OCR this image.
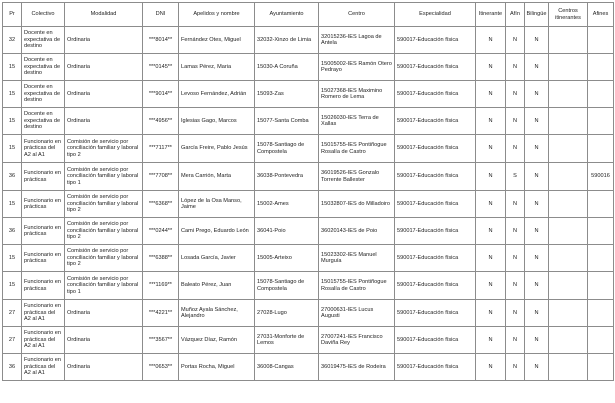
Pr	Colectivo	Modalidad	DNI	Apelidos y nombre	Ayuntamiento	Centro	Especialidad	Itinerante	Afín	Bilingüe	Centros itinerantes	Afines
32	Docente en expectativa de destino	Ordinaria	***8014**	Fernández Otes, Miguel	32032-Xinzo de Limia	32015236-IES Lagoa de Antela	590017-Educación física	N	N	N		
15	Docente en expectativa de destino	Ordinaria	***0145**	Lamas Pérez, Maria	15030-A Coruña	15005002-IES Ramón Otero Pedrayo	590017-Educación física	N	N	N		
15	Docente en expectativa de destino	Ordinaria	***9014**	Levoso Fernández, Adrián	15093-Zas	15027368-IES Maximino Romero de Lema	590017-Educación física	N	N	N		
15	Docente en expectativa de destino	Ordinaria	***4956**	Iglesias Gago, Marcos	15077-Santa Comba	15026030-IES Terra de Xallas	590017-Educación física	N	N	N		
15	Funcionario en prácticas del A2 al A1	Comisión de servicio por conciliación familiar y laboral tipo 2	***7117**	García Freire, Pablo Jesús	15078-Santiago de Compostela	15015755-IES Pontiñogue Rosalía de Castro	590017-Educación física	N	N	N		
36	Funcionario en prácticas	Comisión de servicio por conciliación familiar y laboral tipo 1	***7708**	Mera Carrión, Marta	36038-Pontevedra	36019526-IES Gonzalo Torrente Ballester	590017-Educación física	N	S	N		590016
15	Funcionario en prácticas	Comisión de servicio por conciliación familiar y laboral tipo 2	***6368**	López de la Osa Manso, Jaime	15002-Ames	15032807-IES do Milladoiro	590017-Educación física	N	N	N		
36	Funcionario en prácticas	Comisión de servicio por conciliación familiar y laboral tipo 2	***0244**	Cami Prego, Eduardo León	36041-Poio	36020143-IES de Poio	590017-Educación física	N	N	N		
15	Funcionario en prácticas	Comisión de servicio por conciliación familiar y laboral tipo 2	***6388**	Losada García, Javier	15005-Arteixo	15023302-IES Manuel Murguía	590017-Educación física	N	N	N		
15	Funcionario en prácticas	Comisión de servicio por conciliación familiar y laboral tipo 1	***1169**	Baleato Pérez, Juan	15078-Santiago de Compostela	15015755-IES Pontiñogue Rosalía de Castro	590017-Educación física	N	N	N		
27	Funcionario en prácticas del A2 al A1	Ordinaria	***4221**	Muñoz Ayala Sánchez, Alejandro	27028-Lugo	27000631-IES Lucus Augusti	590017-Educación física	N	N	N		
27	Funcionario en prácticas del A2 al A1	Ordinaria	***3567**	Vázquez Díaz, Ramón	27031-Monforte de Lemos	27007241-IES Francisco Daviña Rey	590017-Educación física	N	N	N		
36	Funcionario en prácticas del A2 al A1	Ordinaria	***0653**	Portas Rocha, Miguel	36008-Cangas	36019475-IES de Rodeira	590017-Educación física	N	N	N		
